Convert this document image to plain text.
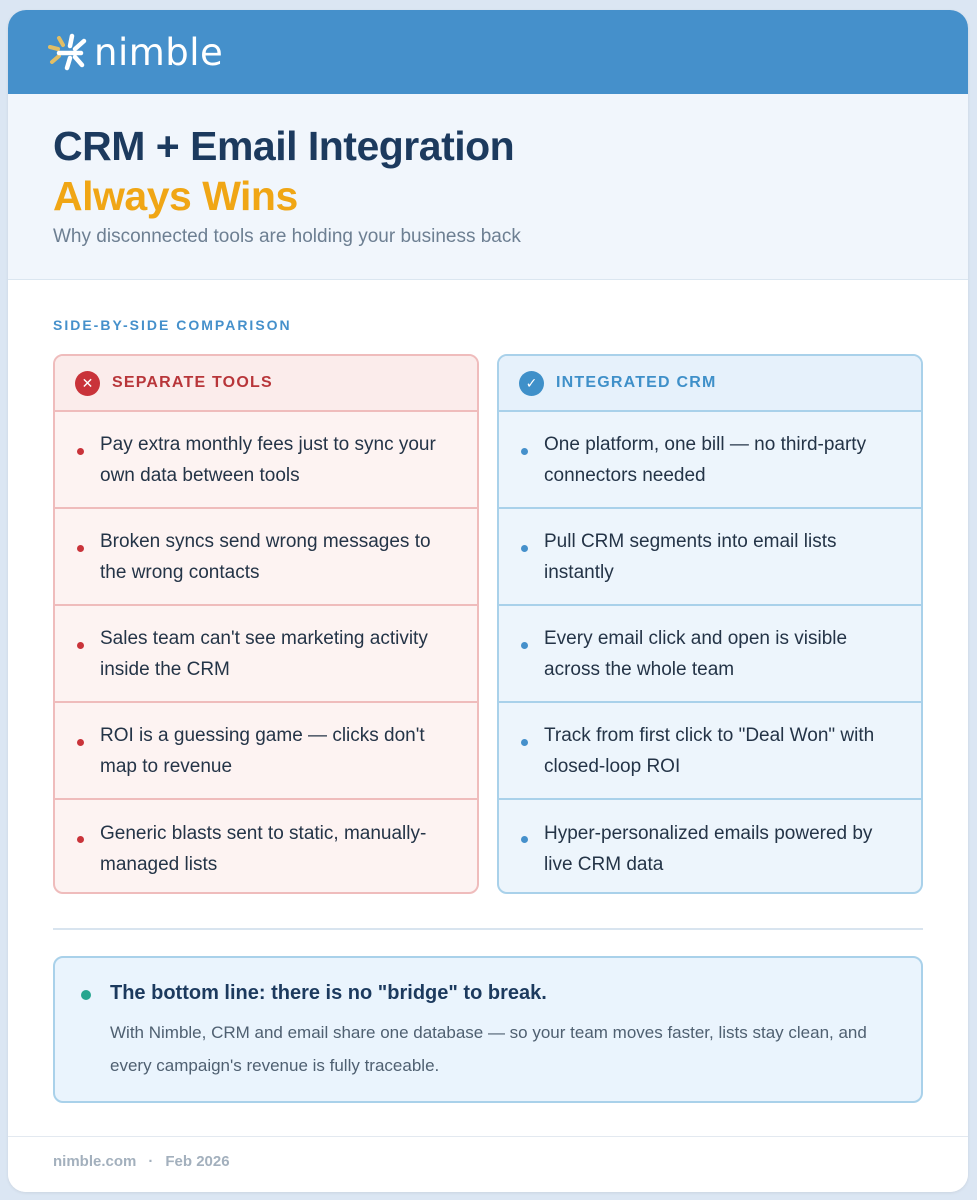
nimble
CRM + Email Integration
Always Wins

Why disconnected tools are holding your business back

SIDE-BY-SIDE COMPARISON
✕	SEPARATE TOOLS
Pay extra monthly fees just to sync your own data between tools
Broken syncs send wrong messages to the wrong contacts
Sales team can't see marketing activity inside the CRM
ROI is a guessing game — clicks don't map to revenue
Generic blasts sent to static, manually-managed lists
✓	INTEGRATED CRM
One platform, one bill — no third-party connectors needed
Pull CRM segments into email lists instantly
Every email click and open is visible across the whole team
Track from first click to "Deal Won" with closed-loop ROI
Hyper-personalized emails powered by live CRM data
The bottom line: there is no "bridge" to break.
With Nimble, CRM and email share one database — so your team moves faster, lists stay clean, and every campaign's revenue is fully traceable.
nimble.com · Feb 2026
